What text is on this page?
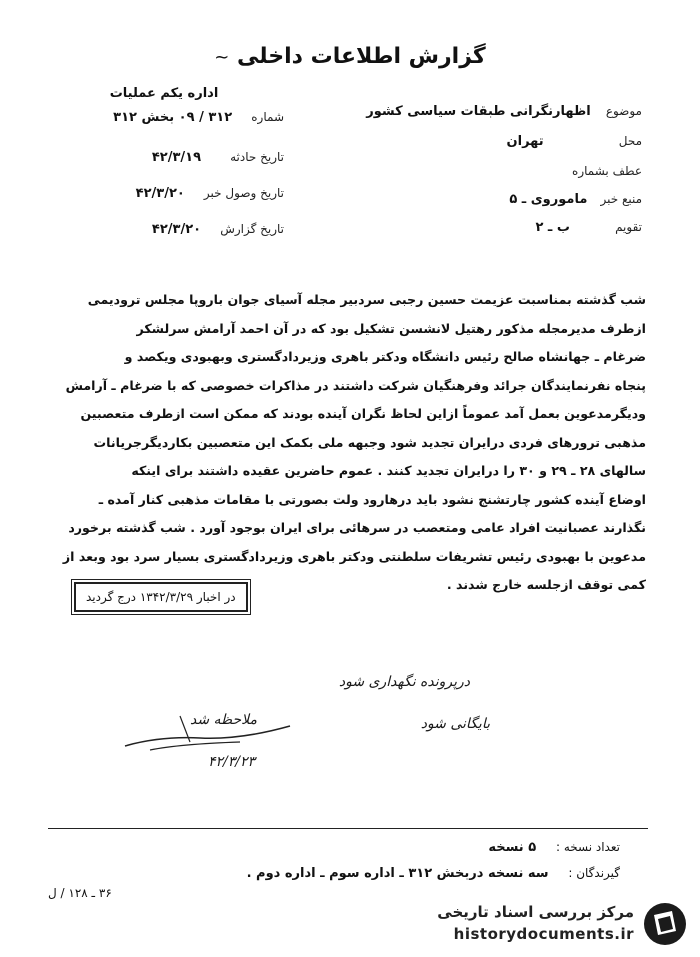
گزارش اطلاعات داخلی ~
موضوع اظهارنگرانی طبقات سیاسی کشور
محل تهران
عطف بشماره
منبع خبر ماموروی ـ ۵
تقویم ب ـ ۲
اداره یکم عملیات
شماره ۳۱۲ / ۰۹ بخش ۳۱۲
تاریخ حادثه ۴۲/۳/۱۹
تاریخ وصول خبر ۴۲/۳/۲۰
تاریخ گزارش ۴۲/۳/۲۰
شب گذشته بمناسبت عزیمت حسین رجبی سردبیر مجله آسیای جوان باروپا مجلس ترودیمی
ازطرف مدیرمجله مذکور رهتیل لانشسن تشکیل بود که در آن احمد آرامش سرلشکر
ضرغام ـ جهانشاه صالح رئیس دانشگاه ودکتر باهری وزیردادگستری وبهبودی ویکصد و
پنجاه نفرنمایندگان جرائد وفرهنگیان شرکت داشتند در مذاکرات خصوصی که با ضرغام ـ آرامش
ودیگرمدعوین بعمل آمد عموماً ازاین لحاظ نگران آینده بودند که ممکن است ازطرف متعصبین
مذهبی ترورهای فردی درایران تجدید شود وجبهه ملی بکمک این متعصبین بکاردیگرجریانات
سالهای ۲۸ ـ ۲۹ و ۳۰ را درایران تجدید کنند . عموم حاضرین عقیده داشتند برای اینکه
اوضاع آینده کشور چارتشنج نشود باید درهارود ولت بصورتی با مقامات مذهبی کنار آمده ـ
نگذارند عصبانیت افراد عامی ومتعصب در سرهائی برای ایران بوجود آورد . شب گذشته برخورد
مدعوین با بهبودی رئیس تشریفات سلطنتی ودکتر باهری وزیردادگستری بسیار سرد بود وبعد از
کمی توقف ازجلسه خارج شدند .
در اخبار ۱۳۴۲/۳/۲۹ درج گردید
درپرونده نگهداری شود
بایگانی شود
ملاحظه شد
۴۲/۳/۲۳
تعداد نسخه : ۵ نسخه
گیرندگان : سه نسخه دربخش ۳۱۲ ـ اداره سوم ـ اداره دوم .
۳۶ ـ ۱۲۸ / ل
مرکز بررسی اسناد تاریخی
historydocuments.ir
